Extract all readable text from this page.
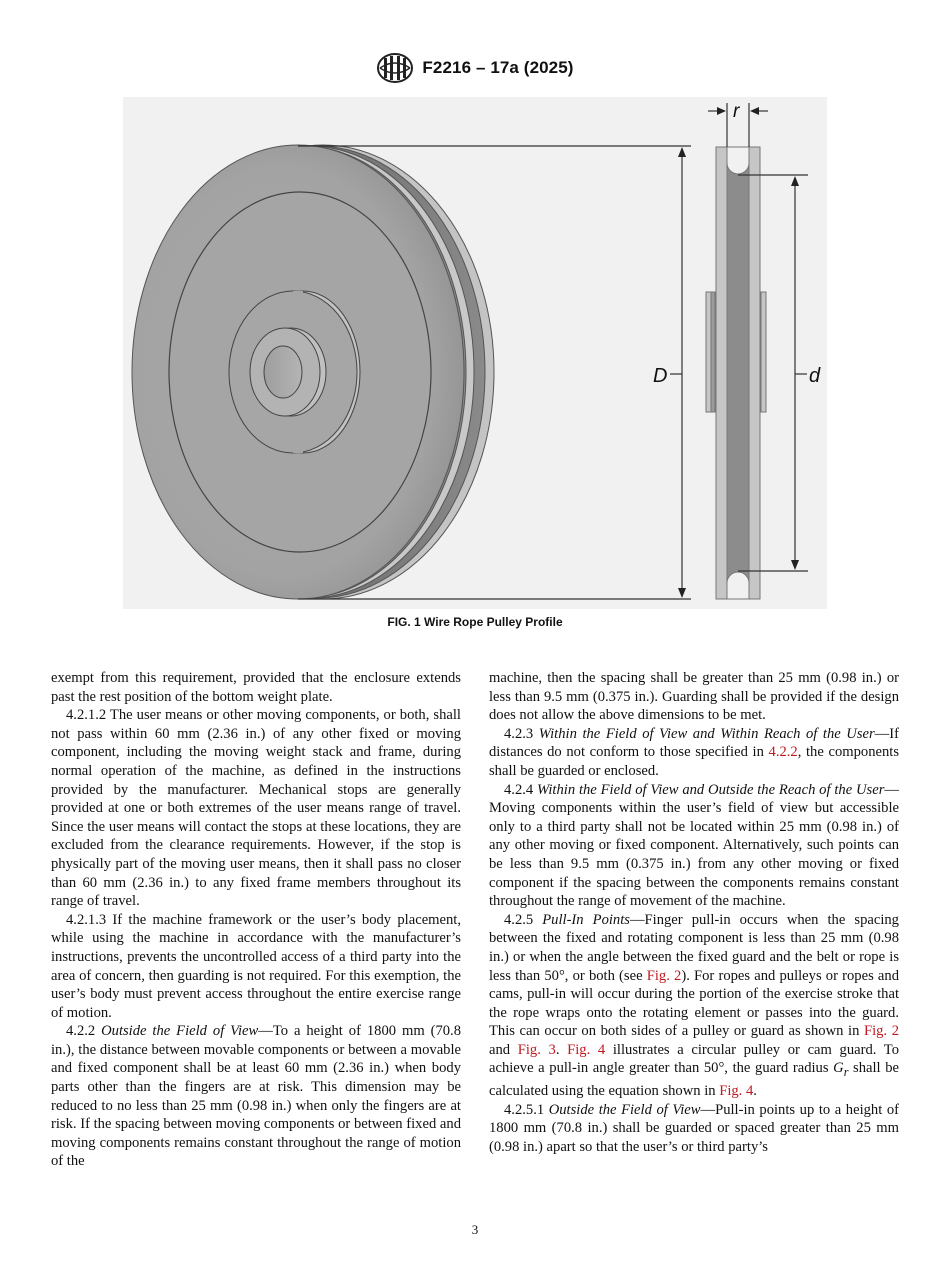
F2216 – 17a (2025)
D
r
d
FIG. 1 Wire Rope Pulley Profile

exempt from this requirement, provided that the enclosure extends past the rest position of the bottom weight plate.

4.2.1.2 The user means or other moving components, or both, shall not pass within 60 mm (2.36 in.) of any other fixed or moving component, including the moving weight stack and frame, during normal operation of the machine, as defined in the instructions provided by the manufacturer. Mechanical stops are generally provided at one or both extremes of the user means range of travel. Since the user means will contact the stops at these locations, they are excluded from the clearance requirements. However, if the stop is physically part of the moving user means, then it shall pass no closer than 60 mm (2.36 in.) to any fixed frame members throughout its range of travel.

4.2.1.3 If the machine framework or the user’s body placement, while using the machine in accordance with the manufacturer’s instructions, prevents the uncontrolled access of a third party into the area of concern, then guarding is not required. For this exemption, the user’s body must prevent access throughout the entire exercise range of motion.

4.2.2 Outside the Field of View—To a height of 1800 mm (70.8 in.), the distance between movable components or between a movable and fixed component shall be at least 60 mm (2.36 in.) when body parts other than the fingers are at risk. This dimension may be reduced to no less than 25 mm (0.98 in.) when only the fingers are at risk. If the spacing between moving components or between fixed and moving components remains constant throughout the range of motion of the

machine, then the spacing shall be greater than 25 mm (0.98 in.) or less than 9.5 mm (0.375 in.). Guarding shall be provided if the design does not allow the above dimensions to be met.

4.2.3 Within the Field of View and Within Reach of the User—If distances do not conform to those specified in 4.2.2, the components shall be guarded or enclosed.

4.2.4 Within the Field of View and Outside the Reach of the User—Moving components within the user’s field of view but accessible only to a third party shall not be located within 25 mm (0.98 in.) of any other moving or fixed component. Alternatively, such points can be less than 9.5 mm (0.375 in.) from any other moving or fixed component if the spacing between the components remains constant throughout the range of movement of the machine.

4.2.5 Pull-In Points—Finger pull-in occurs when the spacing between the fixed and rotating component is less than 25 mm (0.98 in.) or when the angle between the fixed guard and the belt or rope is less than 50°, or both (see Fig. 2). For ropes and pulleys or ropes and cams, pull-in will occur during the portion of the exercise stroke that the rope wraps onto the rotating element or passes into the guard. This can occur on both sides of a pulley or guard as shown in Fig. 2 and Fig. 3. Fig. 4 illustrates a circular pulley or cam guard. To achieve a pull-in angle greater than 50°, the guard radius $G_r$ shall be calculated using the equation shown in Fig. 4.

4.2.5.1 Outside the Field of View—Pull-in points up to a height of 1800 mm (70.8 in.) shall be guarded or spaced greater than 25 mm (0.98 in.) apart so that the user’s or third party’s

3
